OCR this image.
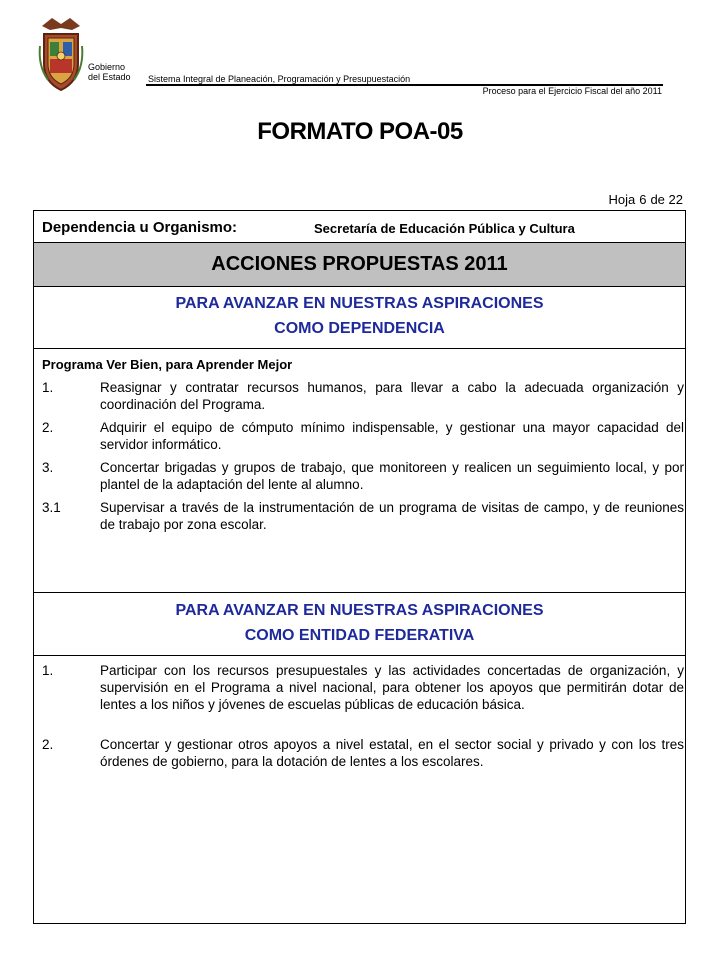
Gobierno
del Estado Sistema Integral de Planeación, Programación y Presupuestación
Proceso para el Ejercicio Fiscal del año 2011
FORMATO POA-05
Hoja 6 de 22
Dependencia u Organismo:	Secretaría de Educación Pública y Cultura
ACCIONES PROPUESTAS 2011
PARA AVANZAR EN NUESTRAS ASPIRACIONES
COMO DEPENDENCIA
Programa Ver Bien, para Aprender Mejor
1.	Reasignar y contratar recursos humanos, para llevar a cabo la adecuada organización y coordinación del Programa.
2.	Adquirir el equipo de cómputo mínimo indispensable, y gestionar una mayor capacidad del servidor informático.
3.	Concertar brigadas y grupos de trabajo, que monitoreen y realicen un seguimiento local, y por plantel de la adaptación del lente al alumno.
3.1	Supervisar a través de la instrumentación de un programa de visitas de campo, y de reuniones de trabajo por zona escolar.
PARA AVANZAR EN NUESTRAS ASPIRACIONES
COMO ENTIDAD FEDERATIVA
1.	Participar con los recursos presupuestales y las actividades concertadas de organización, y supervisión en el Programa a nivel nacional, para obtener los apoyos que permitirán dotar de lentes a los niños y jóvenes de escuelas públicas de educación básica.
2.	Concertar y gestionar otros apoyos a nivel estatal, en el sector social y privado y con los tres órdenes de gobierno, para la dotación de lentes a los escolares.
